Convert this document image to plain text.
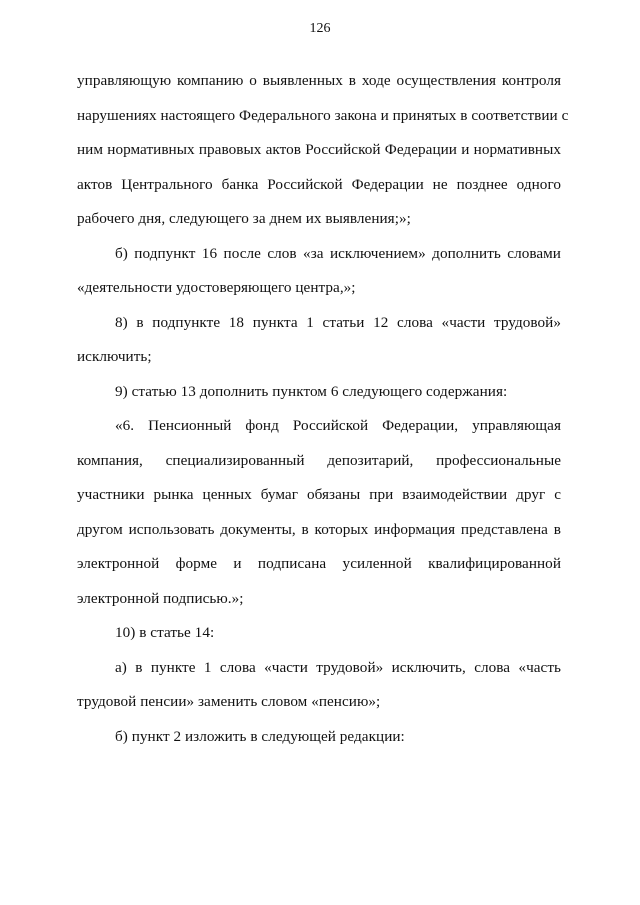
126
управляющую компанию о выявленных в ходе осуществления контроля
нарушениях настоящего Федерального закона и принятых в соответствии с
ним нормативных правовых актов Российской Федерации и нормативных
актов Центрального банка Российской Федерации не позднее одного
рабочего дня, следующего за днем их выявления;»;
б) подпункт 16 после слов «за исключением» дополнить словами
«деятельности удостоверяющего центра,»;
8) в подпункте 18 пункта 1 статьи 12 слова «части трудовой»
исключить;
9) статью 13 дополнить пунктом 6 следующего содержания:
«6. Пенсионный фонд Российской Федерации, управляющая
компания, специализированный депозитарий, профессиональные
участники рынка ценных бумаг обязаны при взаимодействии друг с
другом использовать документы, в которых информация представлена в
электронной форме и подписана усиленной квалифицированной
электронной подписью.»;
10) в статье 14:
а) в пункте 1 слова «части трудовой» исключить, слова «часть
трудовой пенсии» заменить словом «пенсию»;
б) пункт 2 изложить в следующей редакции:
